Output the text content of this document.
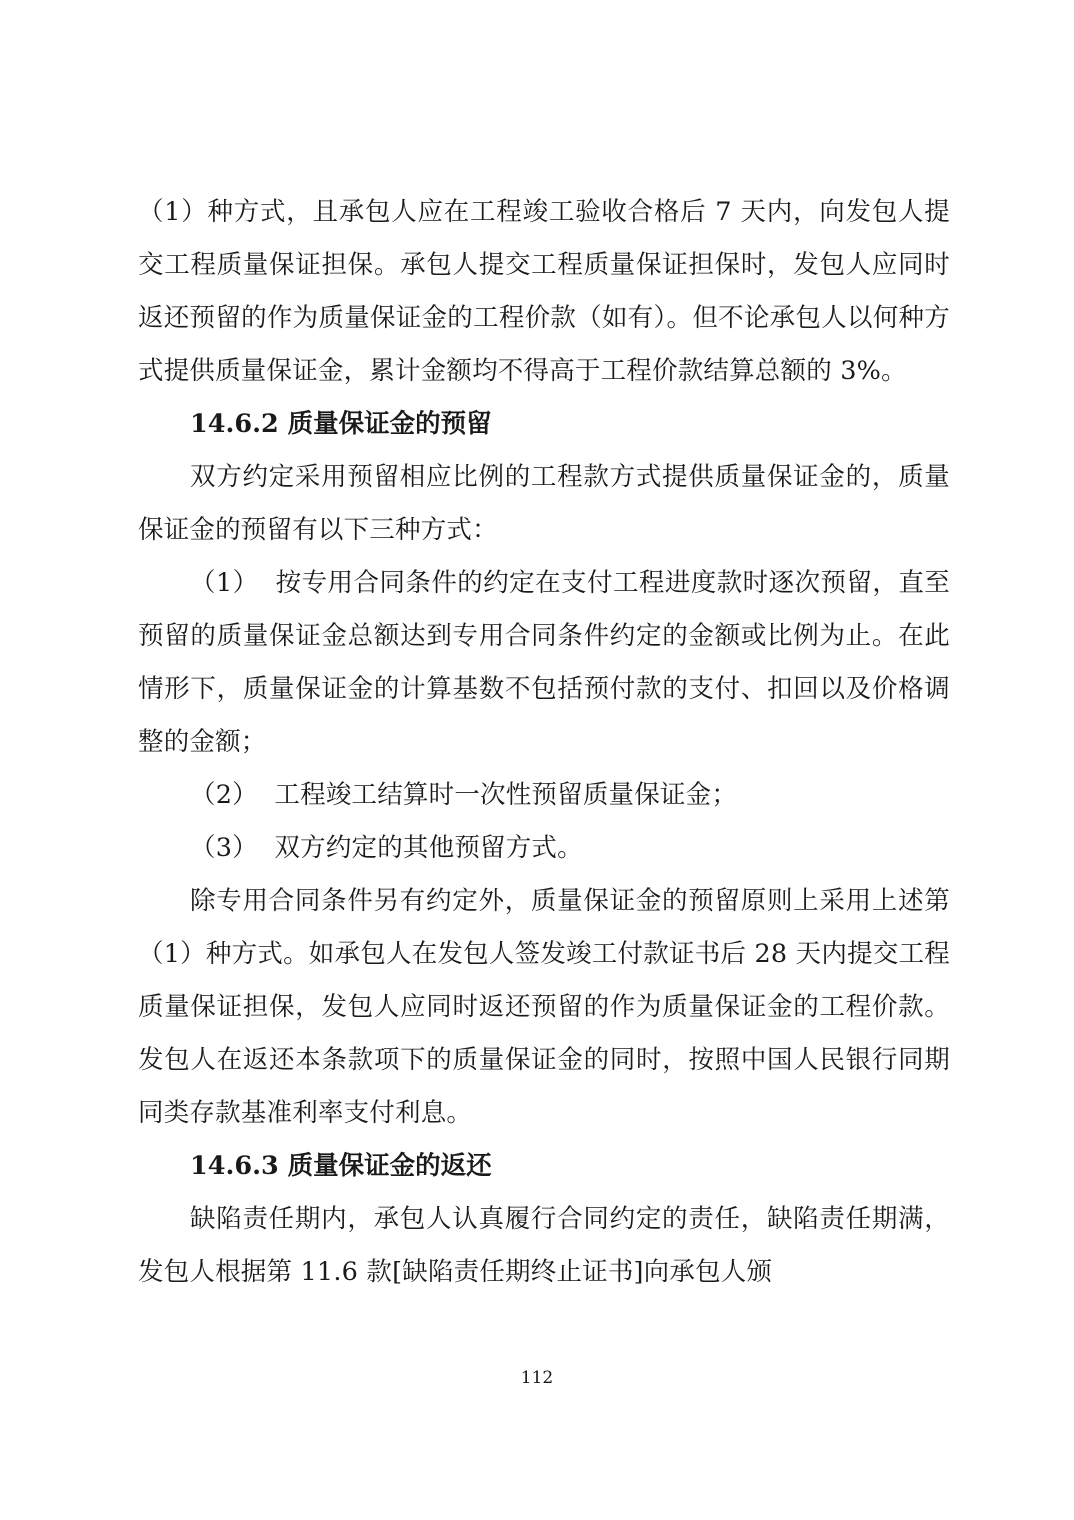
（1）种方式，且承包人应在工程竣工验收合格后 7 天内，向发包人提交工程质量保证担保。承包人提交工程质量保证担保时，发包人应同时返还预留的作为质量保证金的工程价款（如有）。但不论承包人以何种方式提供质量保证金，累计金额均不得高于工程价款结算总额的 3%。

14.6.2 质量保证金的预留

双方约定采用预留相应比例的工程款方式提供质量保证金的，质量保证金的预留有以下三种方式：

（1）  按专用合同条件的约定在支付工程进度款时逐次预留，直至预留的质量保证金总额达到专用合同条件约定的金额或比例为止。在此情形下，质量保证金的计算基数不包括预付款的支付、扣回以及价格调整的金额；

（2）  工程竣工结算时一次性预留质量保证金；

（3）  双方约定的其他预留方式。

除专用合同条件另有约定外，质量保证金的预留原则上采用上述第（1）种方式。如承包人在发包人签发竣工付款证书后 28 天内提交工程质量保证担保，发包人应同时返还预留的作为质量保证金的工程价款。发包人在返还本条款项下的质量保证金的同时，按照中国人民银行同期同类存款基准利率支付利息。

14.6.3 质量保证金的返还

缺陷责任期内，承包人认真履行合同约定的责任，缺陷责任期满，发包人根据第 11.6 款[缺陷责任期终止证书]向承包人颁

112
